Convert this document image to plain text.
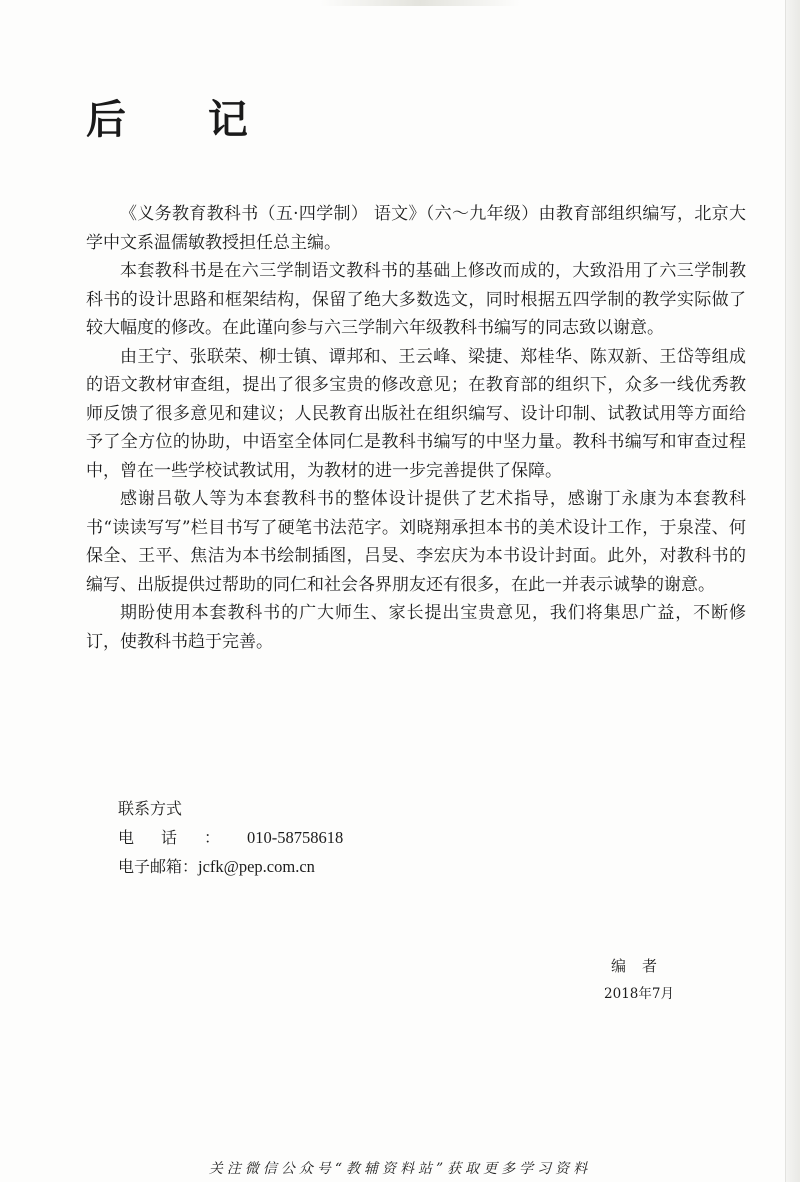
后 记

《义务教育教科书（五·四学制） 语文》（六～九年级）由教育部组织编写，北京大学中文系温儒敏教授担任总主编。

本套教科书是在六三学制语文教科书的基础上修改而成的，大致沿用了六三学制教科书的设计思路和框架结构，保留了绝大多数选文，同时根据五四学制的教学实际做了较大幅度的修改。在此谨向参与六三学制六年级教科书编写的同志致以谢意。

由王宁、张联荣、柳士镇、谭邦和、王云峰、梁捷、郑桂华、陈双新、王岱等组成的语文教材审查组，提出了很多宝贵的修改意见；在教育部的组织下，众多一线优秀教师反馈了很多意见和建议；人民教育出版社在组织编写、设计印制、试教试用等方面给予了全方位的协助，中语室全体同仁是教科书编写的中坚力量。教科书编写和审查过程中，曾在一些学校试教试用，为教材的进一步完善提供了保障。

感谢吕敬人等为本套教科书的整体设计提供了艺术指导，感谢丁永康为本套教科书“读读写写”栏目书写了硬笔书法范字。刘晓翔承担本书的美术设计工作，于泉滢、何保全、王平、焦洁为本书绘制插图，吕旻、李宏庆为本书设计封面。此外，对教科书的编写、出版提供过帮助的同仁和社会各界朋友还有很多，在此一并表示诚挚的谢意。

期盼使用本套教科书的广大师生、家长提出宝贵意见，我们将集思广益，不断修订，使教科书趋于完善。

联系方式
电话： 010-58758618
电子邮箱： jcfk@pep.com.cn
编者
2018年7月
关注微信公众号“教辅资料站”获取更多学习资料
